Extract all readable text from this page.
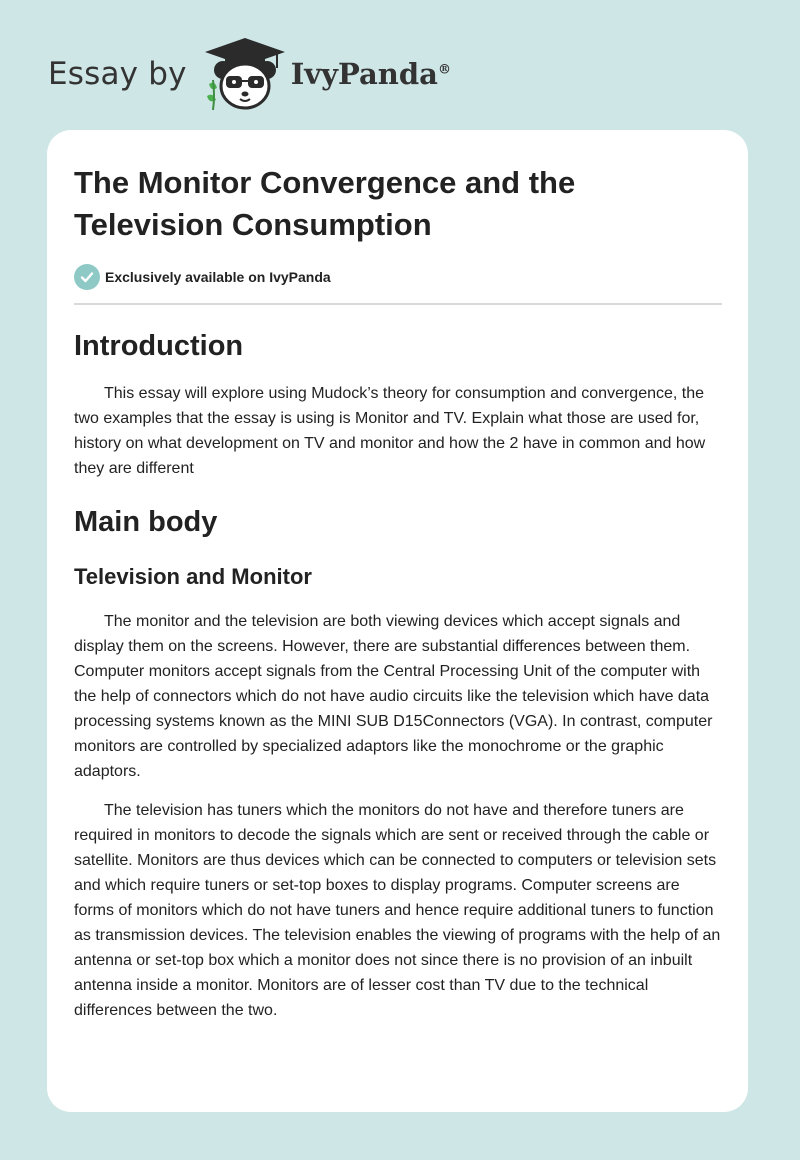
Essay by	IvyPanda®
The Monitor Convergence and the Television Consumption
Exclusively available on IvyPanda
Introduction

This essay will explore using Mudock’s theory for consumption and convergence, the two examples that the essay is using is Monitor and TV. Explain what those are used for, history on what development on TV and monitor and how the 2 have in common and how they are different

Main body
Television and Monitor

The monitor and the television are both viewing devices which accept signals and display them on the screens. However, there are substantial differences between them. Computer monitors accept signals from the Central Processing Unit of the computer with the help of connectors which do not have audio circuits like the television which have data processing systems known as the MINI SUB D15Connectors (VGA). In contrast, computer monitors are controlled by specialized adaptors like the monochrome or the graphic adaptors.

The television has tuners which the monitors do not have and therefore tuners are required in monitors to decode the signals which are sent or received through the cable or satellite. Monitors are thus devices which can be connected to computers or television sets and which require tuners or set-top boxes to display programs. Computer screens are forms of monitors which do not have tuners and hence require additional tuners to function as transmission devices. The television enables the viewing of programs with the help of an antenna or set-top box which a monitor does not since there is no provision of an inbuilt antenna inside a monitor. Monitors are of lesser cost than TV due to the technical differences between the two.
